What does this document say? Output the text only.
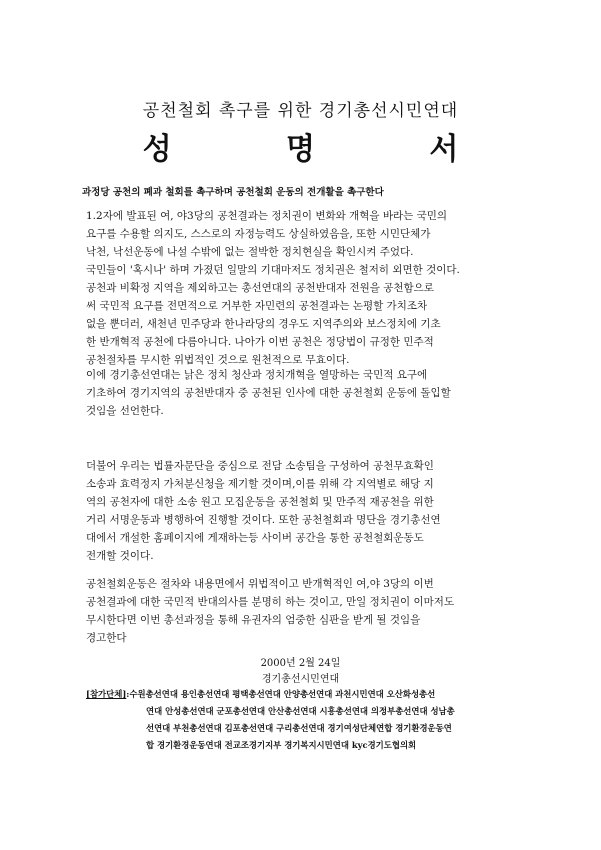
공천철회 촉구를 위한 경기총선시민연대
성 명 서
과정당 공천의 폐과 철회를 촉구하며 공천철회 운동의 전개활을 촉구한다
1.2자에 발표된 여, 야3당의 공천결과는 정치권이 변화와 개혁을 바라는 국민의
요구를 수용할 의지도, 스스로의 자정능력도 상실하였음을, 또한 시민단체가
낙천, 낙선운동에 나설 수밖에 없는 절박한 정치현실을 확인시켜 주었다.
국민들이 '혹시나' 하며 가졌던 일말의 기대마저도 정치권은 철저히 외면한 것이다.
공천과 비확정 지역을 제외하고는 총선연대의 공천반대자 전원을 공천함으로
써 국민적 요구를 전면적으로 거부한 자민련의 공천결과는 논평할 가치조차
없을 뿐더러, 새천년 민주당과 한나라당의 경우도 지역주의와 보스정치에 기초
한 반개혁적 공천에 다름아니다. 나아가 이번 공천은 정당법이 규정한 민주적
공천절차를 무시한 위법적인 것으로 원천적으로 무효이다.
이에 경기총선연대는 낡은 정치 청산과 정치개혁을 열망하는 국민적 요구에
기초하여 경기지역의 공천반대자 중 공천된 인사에 대한 공천철회 운동에 돌입할
것임을 선언한다.
더불어 우리는 법률자문단을 중심으로 전담 소송팀을 구성하여 공천무효확인
소송과 효력정지 가처분신청을 제기할 것이며,이를 위해 각 지역별로 해당 지
역의 공천자에 대한 소송 원고 모집운동을 공천철회 및 만주적 재공천을 위한
거리 서명운동과 병행하여 진행할 것이다. 또한 공천철회과 명단을 경기총선연
대에서 개설한 홈페이지에 게재하는등 사이버 공간을 통한 공천철회운동도
전개할 것이다.
공천철회운동은 절차와 내용면에서 위법적이고 반개혁적인 여,야 3당의 이번
공천결과에 대한 국민적 반대의사를 분명히 하는 것이고, 만일 정치권이 이마저도
무시한다면 이번 총선과정을 통해 유권자의 엄중한 심판을 받게 될 것임을
경고한다
2000년 2월 24일
경기총선시민연대
[참가단체]:수원총선연대 용인총선연대 평택총선연대 안양총선연대 과천시민연대 오산화성총선
연대 안성총선연대 군포총선연대 안산총선연대 시흥총선연대 의정부총선연대 성남총
선연대 부천총선연대 김포총선연대 구리총선연대 경기여성단체연합 경기환경운동연
합 경기환경운동연대 전교조경기지부 경기복지시민연대 kyc경기도협의회
